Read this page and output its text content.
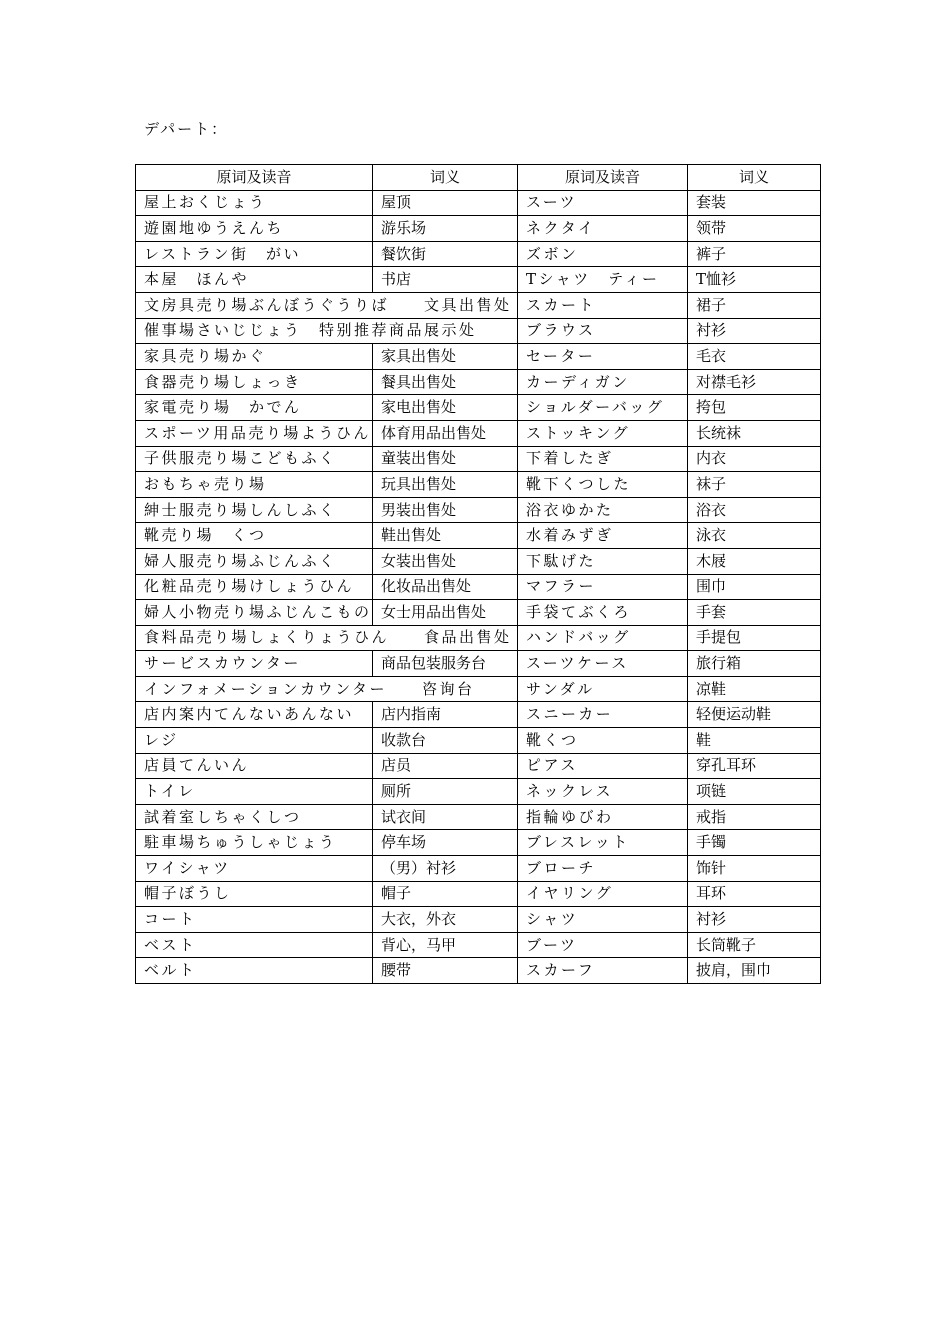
デパート：
原词及读音	词义	原词及读音	词义
屋上おくじょう	屋顶	スーツ	套装
遊園地ゆうえんち	游乐场	ネクタイ	领带
レストラン街　がい	餐饮街	ズボン	裤子
本屋　ほんや	书店	Tシャツ　ティー	T恤衫
文房具売り場ぶんぼうぐうりば　　文具出售处		スカート	裙子
催事場さいじじょう　特别推荐商品展示处		ブラウス	衬衫
家具売り場かぐ	家具出售处	セーター	毛衣
食器売り場しょっき	餐具出售处	カーディガン	对襟毛衫
家電売り場　かでん	家电出售处	ショルダーバッグ	挎包
スポーツ用品売り場ようひん	体育用品出售处	ストッキング	长统袜
子供服売り場こどもふく	童装出售处	下着したぎ	内衣
おもちゃ売り場	玩具出售处	靴下くつした	袜子
紳士服売り場しんしふく	男装出售处	浴衣ゆかた	浴衣
靴売り場　くつ	鞋出售处	水着みずぎ	泳衣
婦人服売り場ふじんふく	女装出售处	下駄げた	木屐
化粧品売り場けしょうひん	化妆品出售处	マフラー	围巾
婦人小物売り場ふじんこもの	女士用品出售处	手袋てぶくろ	手套
食料品売り場しょくりょうひん　　食品出售处		ハンドバッグ	手提包
サービスカウンター	商品包装服务台	スーツケース	旅行箱
インフォメーションカウンター　　咨询台		サンダル	凉鞋
店内案内てんないあんない	店内指南	スニーカー	轻便运动鞋
レジ	收款台	靴くつ	鞋
店員てんいん	店员	ピアス	穿孔耳环
トイレ	厕所	ネックレス	项链
試着室しちゃくしつ	试衣间	指輪ゆびわ	戒指
駐車場ちゅうしゃじょう	停车场	ブレスレット	手镯
ワイシャツ	（男）衬衫	ブローチ	饰针
帽子ぼうし	帽子	イヤリング	耳环
コート	大衣，外衣	シャツ	衬衫
ベスト	背心，马甲	ブーツ	长筒靴子
ベルト	腰带	スカーフ	披肩，围巾
